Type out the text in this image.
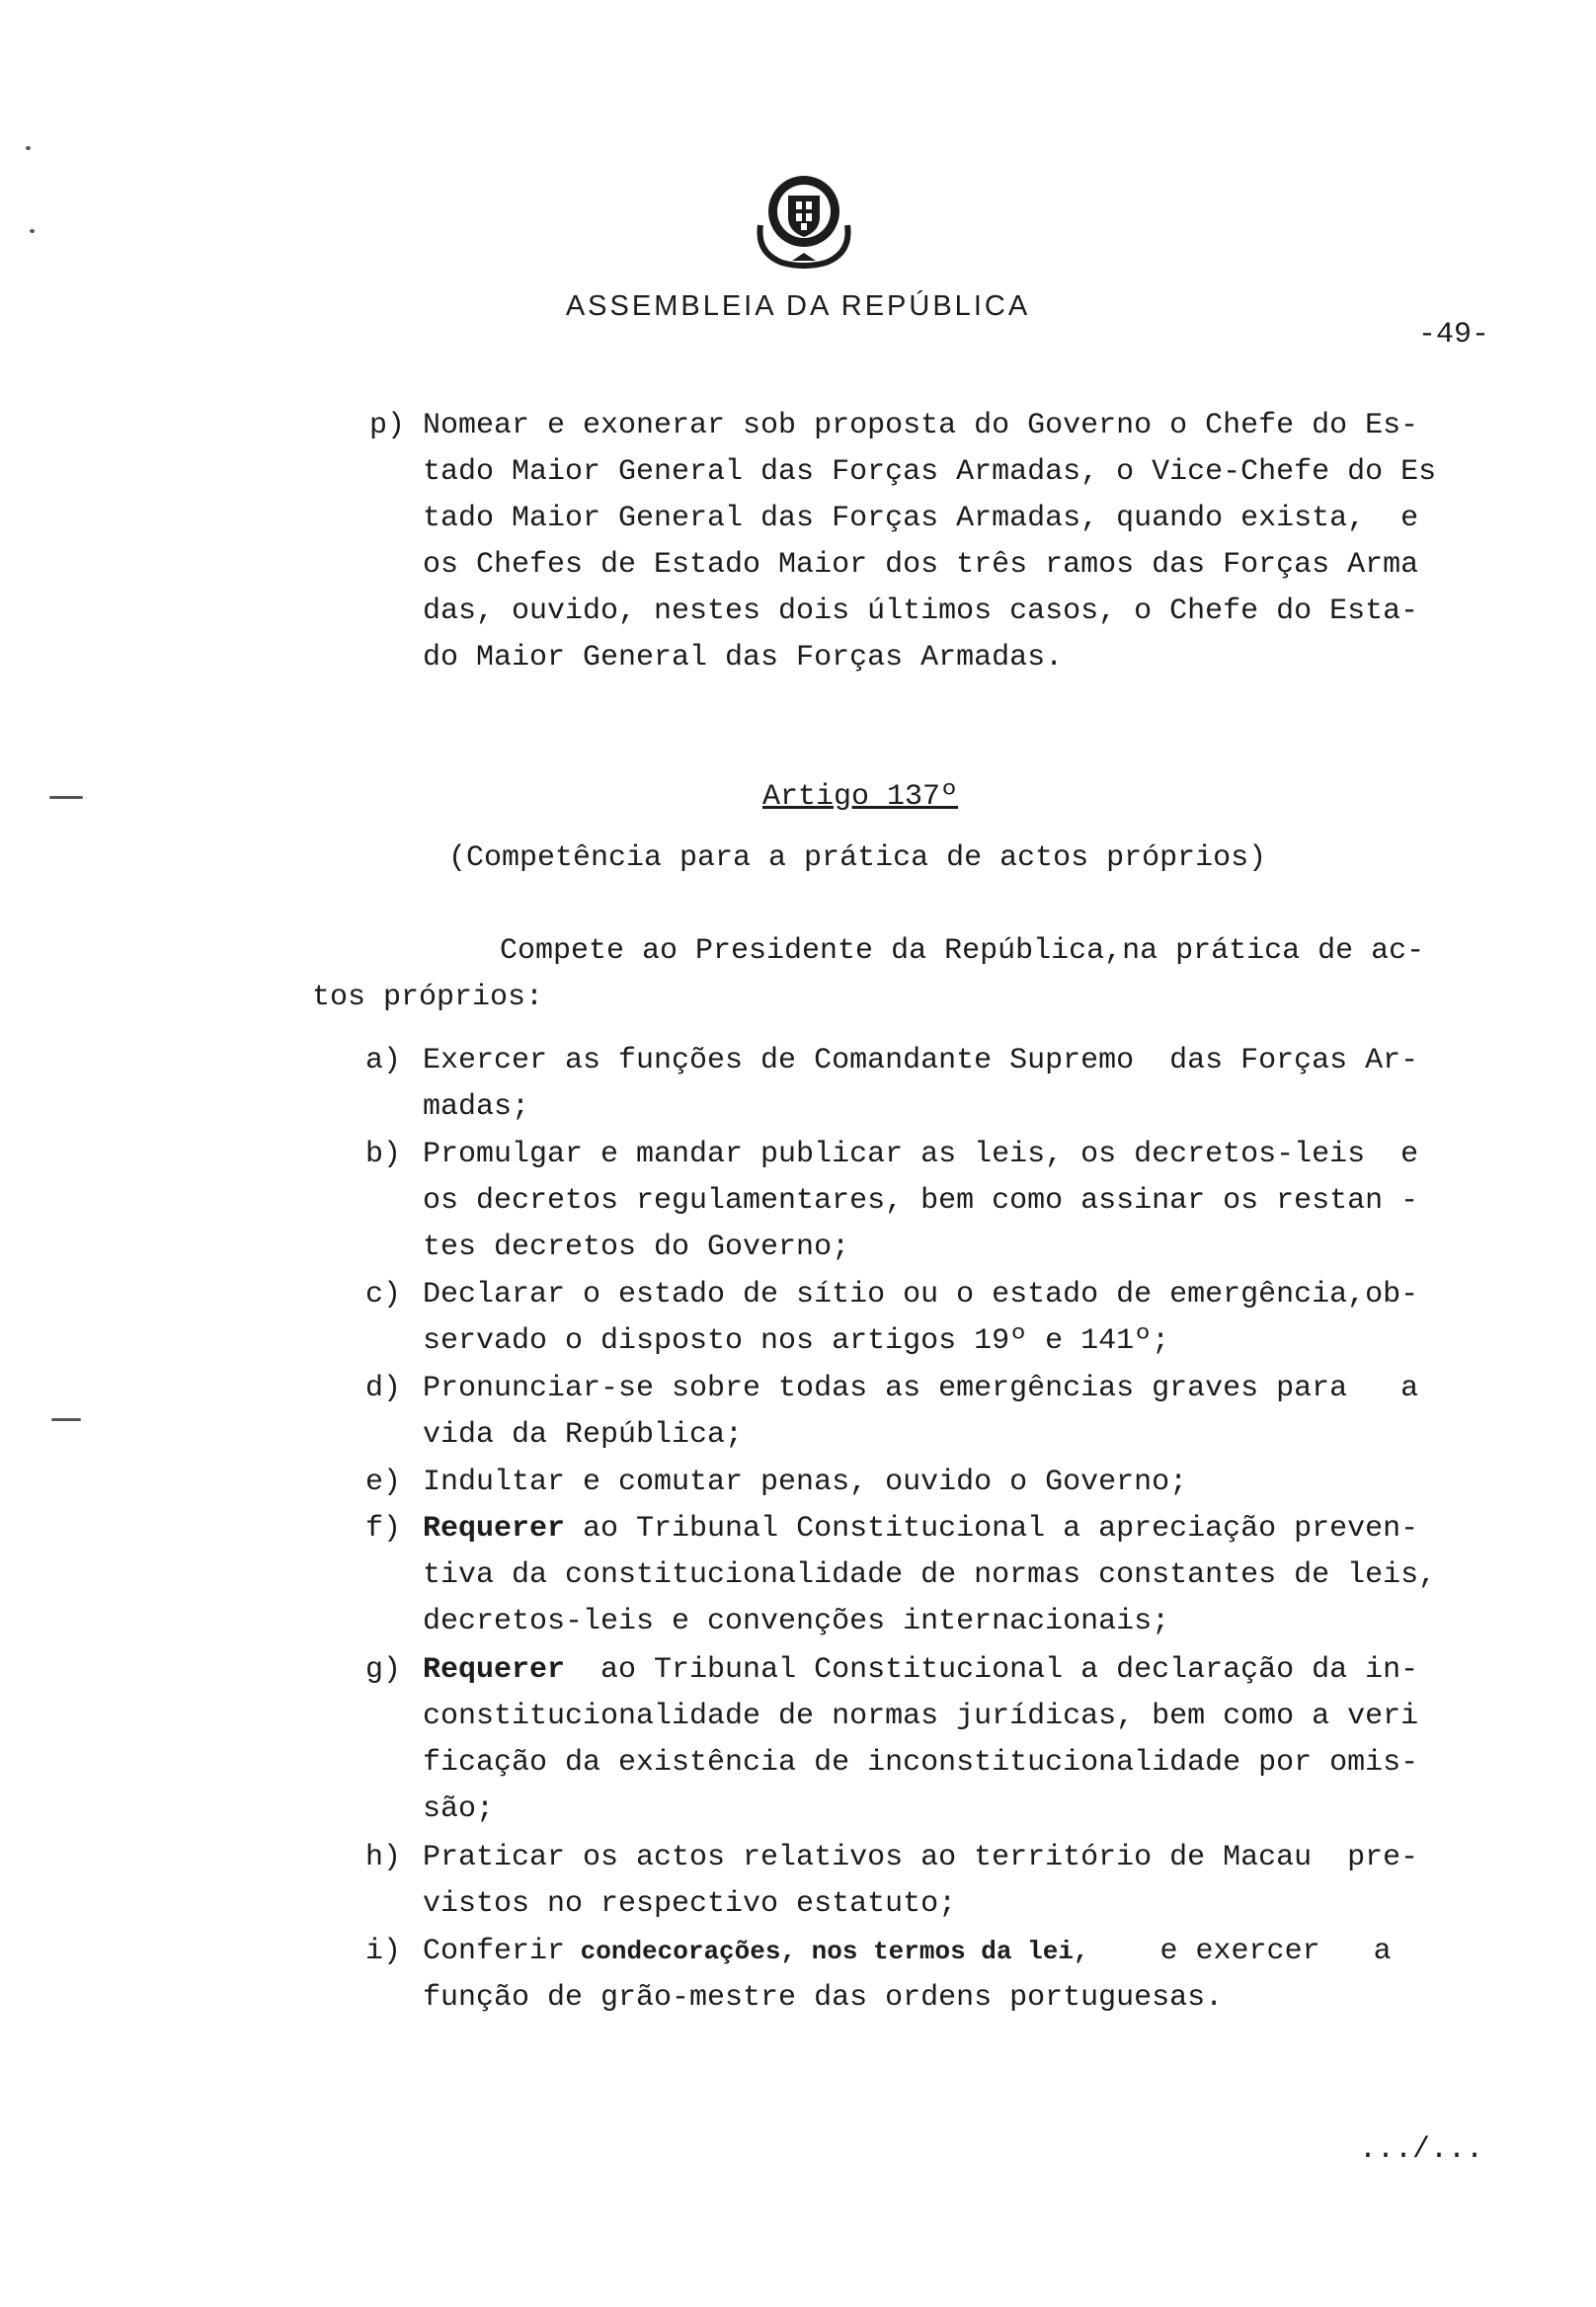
ASSEMBLEIA DA REPÚBLICA
-49-
p) Nomear e exonerar sob proposta do Governo o Chefe do Es-
tado Maior General das Forças Armadas, o Vice-Chefe do Es
tado Maior General das Forças Armadas, quando exista,  e
os Chefes de Estado Maior dos três ramos das Forças Arma
das, ouvido, nestes dois últimos casos, o Chefe do Esta-
do Maior General das Forças Armadas.
Artigo 137º
(Competência para a prática de actos próprios)
Compete ao Presidente da República,na prática de ac-
tos próprios:
a) Exercer as funções de Comandante Supremo  das Forças Ar-
madas;
b) Promulgar e mandar publicar as leis, os decretos-leis  e
os decretos regulamentares, bem como assinar os restan -
tes decretos do Governo;
c) Declarar o estado de sítio ou o estado de emergência,ob-
servado o disposto nos artigos 19º e 141º;
d) Pronunciar-se sobre todas as emergências graves para   a
vida da República;
e) Indultar e comutar penas, ouvido o Governo;
f) Requerer ao Tribunal Constitucional a apreciação preven-
tiva da constitucionalidade de normas constantes de leis,
decretos-leis e convenções internacionais;
g) Requerer  ao Tribunal Constitucional a declaração da in-
constitucionalidade de normas jurídicas, bem como a veri
ficação da existência de inconstitucionalidade por omis-
são;
h) Praticar os actos relativos ao território de Macau  pre-
vistos no respectivo estatuto;
i) Conferir condecorações, nos termos da lei,    e exercer   a
função de grão-mestre das ordens portuguesas.
.../...
